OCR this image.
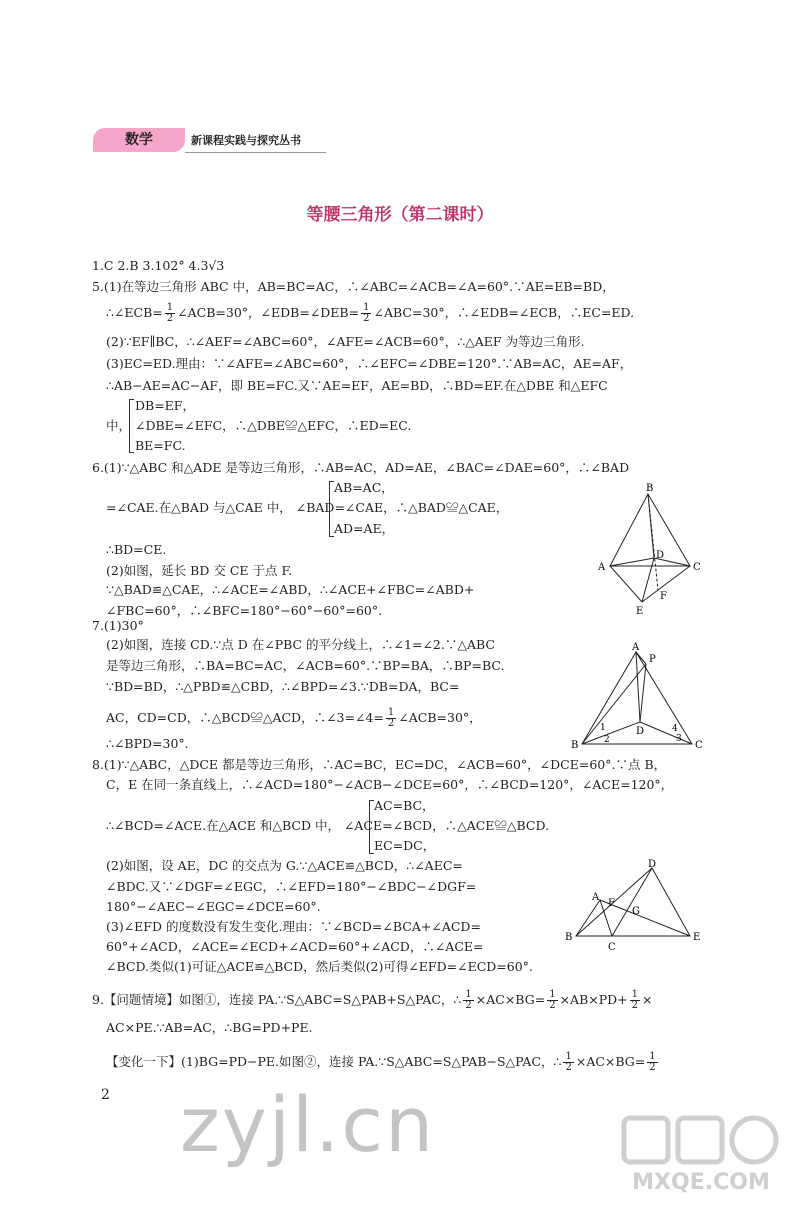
数学	新课程实践与探究丛书
等腰三角形（第二课时）
1.C 2.B 3.102° 4.3√3
5.(1)在等边三角形 ABC 中，AB=BC=AC，∴∠ABC=∠ACB=∠A=60°.∵AE=EB=BD，
∴∠ECB= $\frac{1}{2}$ ∠ACB=30°，∠EDB=∠DEB= $\frac{1}{2}$ ∠ABC=30°，∴∠EDB=∠ECB，∴EC=ED.
(2)∵EF∥BC，∴∠AEF=∠ABC=60°，∠AFE=∠ACB=60°，∴△AEF 为等边三角形.
(3)EC=ED.理由：∵∠AFE=∠ABC=60°，∴∠EFC=∠DBE=120°.∵AB=AC，AE=AF，
∴AB−AE=AC−AF，即 BE=FC.又∵AE=EF，AE=BD，∴BD=EF.在△DBE 和△EFC
DB=EF，
中， ∠DBE=∠EFC，∴△DBE≌△EFC，∴ED=EC.
BE=FC.
6.(1)∵△ABC 和△ADE 是等边三角形，∴AB=AC，AD=AE，∠BAC=∠DAE=60°，∴∠BAD
AB=AC，
=∠CAE.在△BAD 与△CAE 中， ∠BAD=∠CAE，∴△BAD≌△CAE，
AD=AE，
∴BD=CE.
(2)如图，延长 BD 交 CE 于点 F.
∵△BAD≌△CAE，∴∠ACE=∠ABD，∴∠ACE+∠FBC=∠ABD+
∠FBC=60°，∴∠BFC=180°−60°−60°=60°.
7.(1)30°
(2)如图，连接 CD.∵点 D 在∠PBC 的平分线上，∴∠1=∠2.∵△ABC
是等边三角形，∴BA=BC=AC，∠ACB=60°.∵BP=BA，∴BP=BC.
∵BD=BD，∴△PBD≌△CBD，∴∠BPD=∠3.∵DB=DA，BC=
AC，CD=CD，∴△BCD≌△ACD，∴∠3=∠4= $\frac{1}{2}$ ∠ACB=30°，
∴∠BPD=30°.
8.(1)∵△ABC，△DCE 都是等边三角形，∴AC=BC，EC=DC，∠ACB=60°，∠DCE=60°.∵点 B，
C，E 在同一条直线上，∴∠ACD=180°−∠ACB−∠DCE=60°，∴∠BCD=120°，∠ACE=120°，
AC=BC，
∴∠BCD=∠ACE.在△ACE 和△BCD 中， ∠ACE=∠BCD，∴△ACE≌△BCD.
EC=DC，
(2)如图，设 AE，DC 的交点为 G.∵△ACE≌△BCD，∴∠AEC=
∠BDC.又∵∠DGF=∠EGC，∴∠EFD=180°−∠BDC−∠DGF=
180°−∠AEC−∠EGC=∠DCE=60°.
(3)∠EFD 的度数没有发生变化.理由：∵∠BCD=∠BCA+∠ACD=
60°+∠ACD，∠ACE=∠ECD+∠ACD=60°+∠ACD，∴∠ACE=
∠BCD.类似(1)可证△ACE≌△BCD，然后类似(2)可得∠EFD=∠ECD=60°.
9.【问题情境】如图①，连接 PA.∵S△ABC=S△PAB+S△PAC，∴ $\frac{1}{2} \times AC\times BG= \frac{1}{2} \times AB\times PD+ \frac{1}{2}$ ×
AC×PE.∵AB=AC，∴BG=PD+PE.
【变化一下】(1)BG=PD−PE.如图②，连接 PA.∵S△ABC=S△PAB−S△PAC，∴ $\frac{1}{2} \times AC\times BG= \frac{1}{2}$
B
A	C
D
E
F
A
P
B	C
D
1
2	3
4
D
A
F
G
B
C
E
2 zyjl.cn
MXQE.COM
